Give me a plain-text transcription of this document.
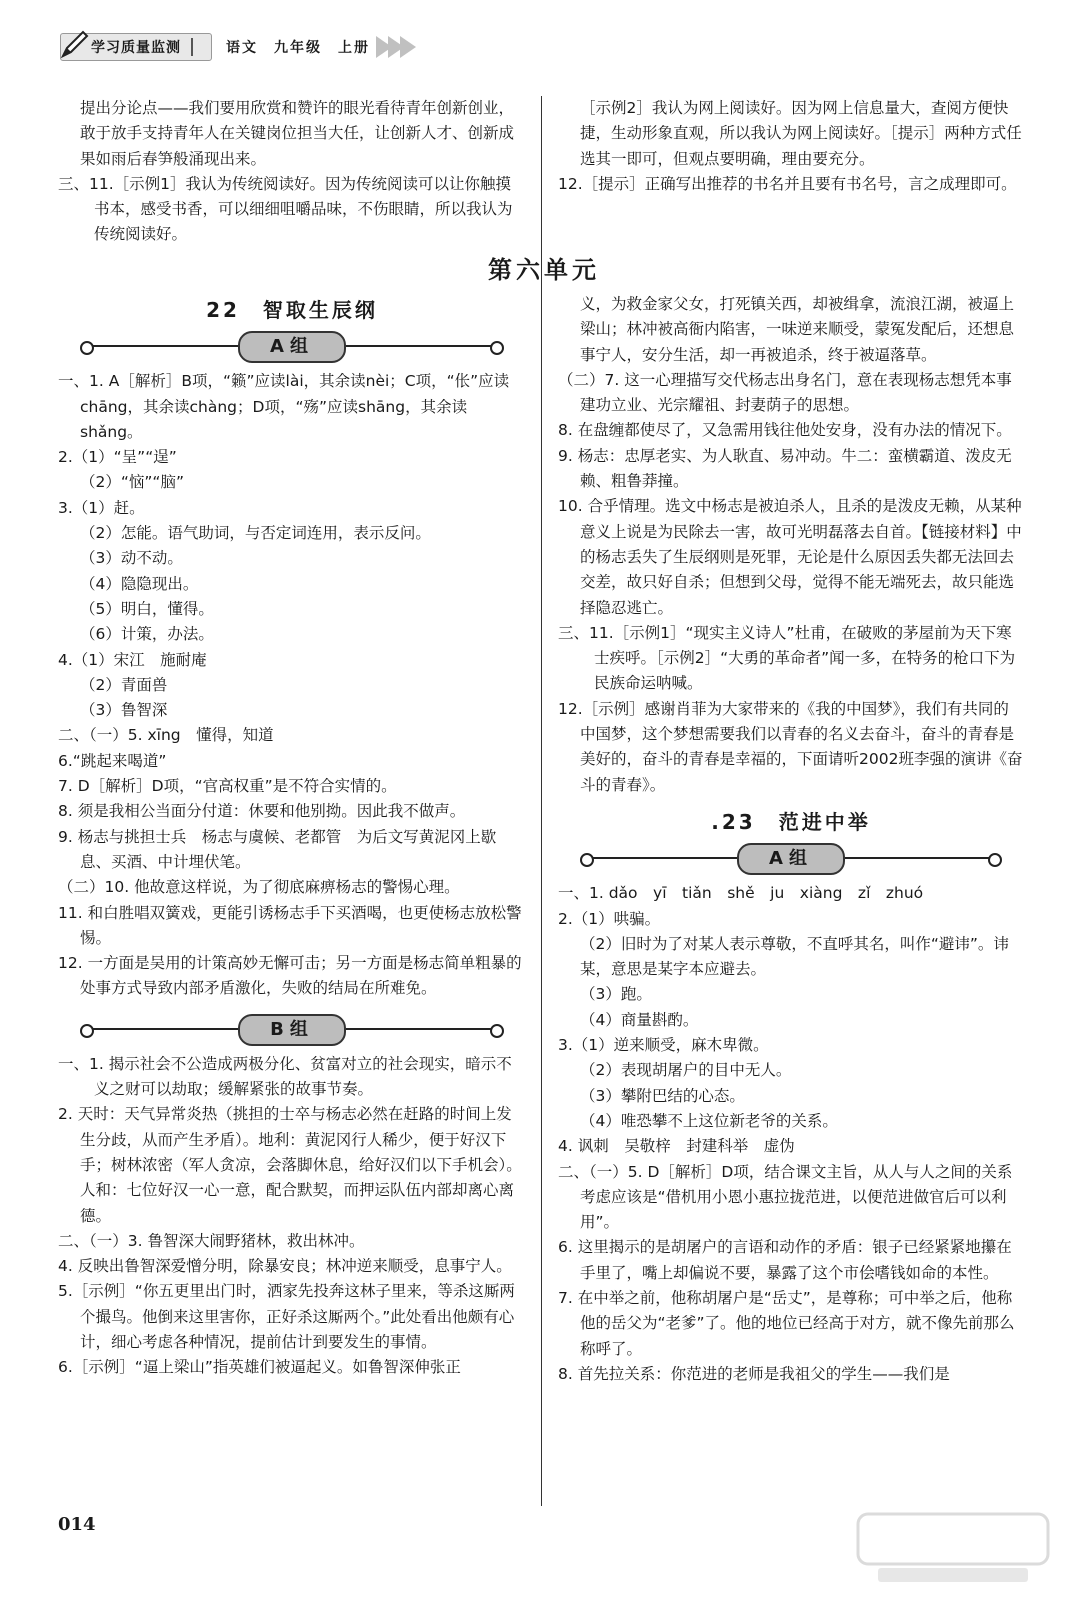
学习质量监测	语文　九年级　上册

提出分论点——我们要用欣赏和赞许的眼光看待青年创新创业，敢于放手支持青年人在关键岗位担当大任，让创新人才、创新成果如雨后春笋般涌现出来。

三、11.［示例1］我认为传统阅读好。因为传统阅读可以让你触摸书本，感受书香，可以细细咀嚼品味，不伤眼睛，所以我认为传统阅读好。

［示例2］我认为网上阅读好。因为网上信息量大，查阅方便快捷，生动形象直观，所以我认为网上阅读好。［提示］两种方式任选其一即可，但观点要明确，理由要充分。

12.［提示］正确写出推荐的书名并且要有书名号，言之成理即可。

第六单元
22　智取生辰纲
A组

一、1. A［解析］B项，“籁”应读lài，其余读nèi；C项，“伥”应读chāng，其余读chàng；D项，“殇”应读shāng，其余读shǎng。

2.（1）“呈”“逞”

（2）“恼”“脑”

3.（1）赶。

（2）怎能。语气助词，与否定词连用，表示反问。

（3）动不动。

（4）隐隐现出。

（5）明白，懂得。

（6）计策，办法。

4.（1）宋江　施耐庵

（2）青面兽

（3）鲁智深

二、（一）5. xīng　懂得，知道

6.“跳起来喝道”

7. D［解析］D项，“官高权重”是不符合实情的。

8. 须是我相公当面分付道：休要和他别拗。因此我不做声。

9. 杨志与挑担士兵　杨志与虞候、老都管　为后文写黄泥冈上歇息、买酒、中计埋伏笔。

（二）10. 他故意这样说，为了彻底麻痹杨志的警惕心理。

11. 和白胜唱双簧戏，更能引诱杨志手下买酒喝，也更使杨志放松警惕。

12. 一方面是吴用的计策高妙无懈可击；另一方面是杨志简单粗暴的处事方式导致内部矛盾激化，失败的结局在所难免。

B组

一、1. 揭示社会不公造成两极分化、贫富对立的社会现实，暗示不义之财可以劫取；缓解紧张的故事节奏。

2. 天时：天气异常炎热（挑担的士卒与杨志必然在赶路的时间上发生分歧，从而产生矛盾）。地利：黄泥冈行人稀少，便于好汉下手；树林浓密（军人贪凉，会落脚休息，给好汉们以下手机会）。人和：七位好汉一心一意，配合默契，而押运队伍内部却离心离德。

二、（一）3. 鲁智深大闹野猪林，救出林冲。

4. 反映出鲁智深爱憎分明，除暴安良；林冲逆来顺受，息事宁人。

5.［示例］“你五更里出门时，洒家先投奔这林子里来，等杀这厮两个撮鸟。他倒来这里害你，正好杀这厮两个。”此处看出他颇有心计，细心考虑各种情况，提前估计到要发生的事情。

6.［示例］“逼上梁山”指英雄们被逼起义。如鲁智深伸张正

义，为救金家父女，打死镇关西，却被缉拿，流浪江湖，被逼上梁山；林冲被高衙内陷害，一味逆来顺受，蒙冤发配后，还想息事宁人，安分生活，却一再被追杀，终于被逼落草。

（二）7. 这一心理描写交代杨志出身名门，意在表现杨志想凭本事建功立业、光宗耀祖、封妻荫子的思想。

8. 在盘缠都使尽了，又急需用钱往他处安身，没有办法的情况下。

9. 杨志：忠厚老实、为人耿直、易冲动。牛二：蛮横霸道、泼皮无赖、粗鲁莽撞。

10. 合乎情理。选文中杨志是被迫杀人，且杀的是泼皮无赖，从某种意义上说是为民除去一害，故可光明磊落去自首。【链接材料】中的杨志丢失了生辰纲则是死罪，无论是什么原因丢失都无法回去交差，故只好自杀；但想到父母，觉得不能无端死去，故只能选择隐忍逃亡。

三、11.［示例1］“现实主义诗人”杜甫，在破败的茅屋前为天下寒士疾呼。［示例2］“大勇的革命者”闻一多，在特务的枪口下为民族命运呐喊。

12.［示例］感谢肖菲为大家带来的《我的中国梦》，我们有共同的中国梦，这个梦想需要我们以青春的名义去奋斗，奋斗的青春是美好的，奋斗的青春是幸福的，下面请听2002班李强的演讲《奋斗的青春》。

.23　范进中举
A组

一、1. dǎo　yī　tiǎn　shě　ju　xiàng　zǐ　zhuó

2.（1）哄骗。

（2）旧时为了对某人表示尊敬，不直呼其名，叫作“避讳”。讳某，意思是某字本应避去。

（3）跑。

（4）商量斟酌。

3.（1）逆来顺受，麻木卑微。

（2）表现胡屠户的目中无人。

（3）攀附巴结的心态。

（4）唯恐攀不上这位新老爷的关系。

4. 讽刺　吴敬梓　封建科举　虚伪

二、（一）5. D［解析］D项，结合课文主旨，从人与人之间的关系考虑应该是“借机用小恩小惠拉拢范进，以便范进做官后可以利用”。

6. 这里揭示的是胡屠户的言语和动作的矛盾：银子已经紧紧地攥在手里了，嘴上却偏说不要，暴露了这个市侩嗜钱如命的本性。

7. 在中举之前，他称胡屠户是“岳丈”，是尊称；可中举之后，他称他的岳父为“老爹”了。他的地位已经高于对方，就不像先前那么称呼了。

8. 首先拉关系：你范进的老师是我祖父的学生——我们是

014
